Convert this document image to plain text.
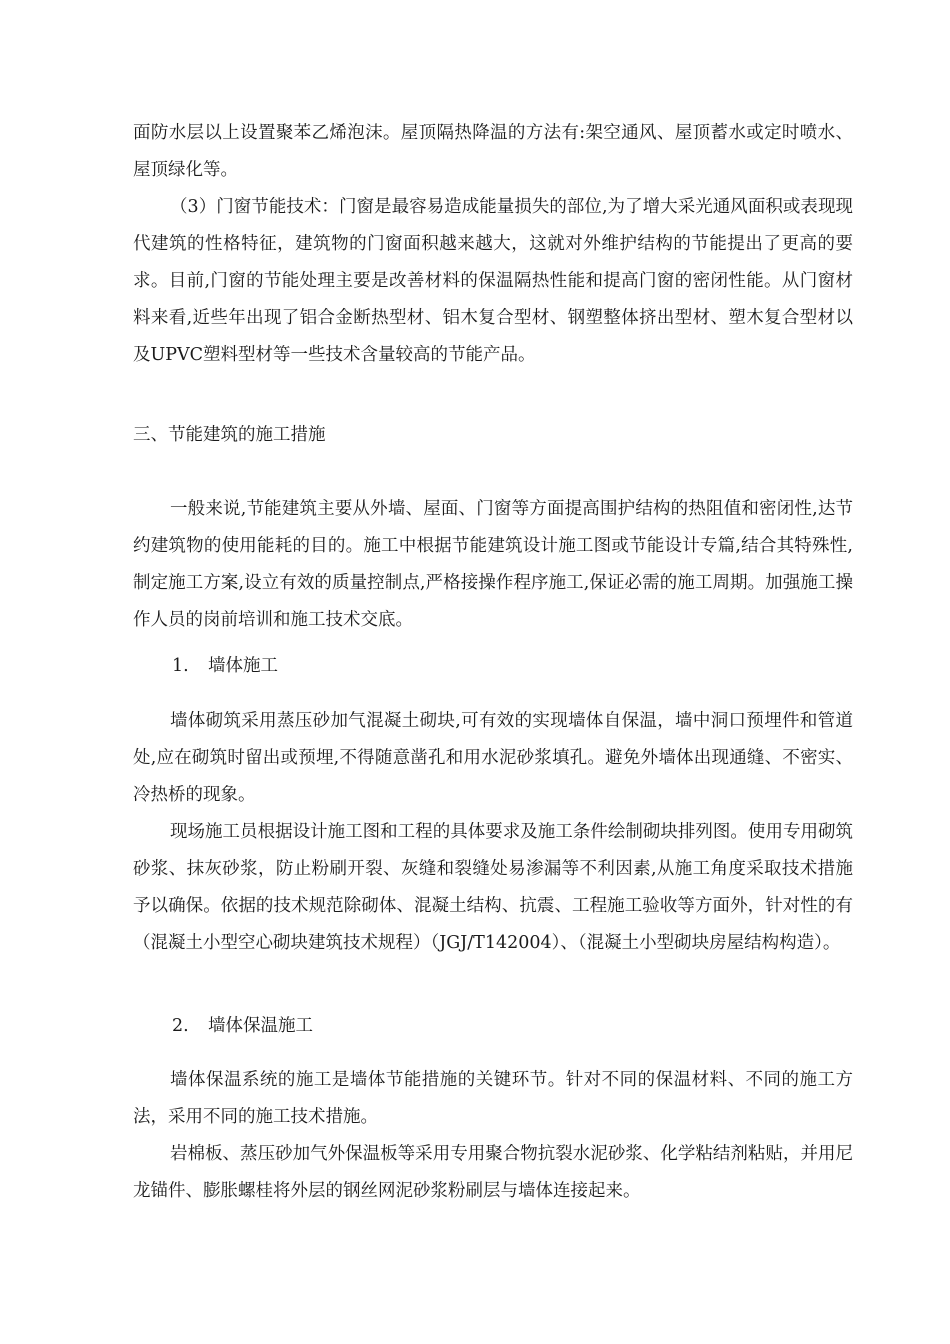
面防水层以上设置聚苯乙烯泡沫。屋顶隔热降温的方法有:架空通风、屋顶蓄水或定时喷水、屋顶绿化等。

（3）门窗节能技术：门窗是最容易造成能量损失的部位,为了增大采光通风面积或表现现代建筑的性格特征，建筑物的门窗面积越来越大，这就对外维护结构的节能提出了更高的要求。目前,门窗的节能处理主要是改善材料的保温隔热性能和提高门窗的密闭性能。从门窗材料来看,近些年出现了铝合金断热型材、铝木复合型材、钢塑整体挤出型材、塑木复合型材以及UPVC塑料型材等一些技术含量较高的节能产品。

三、节能建筑的施工措施

一般来说,节能建筑主要从外墙、屋面、门窗等方面提高围护结构的热阻值和密闭性,达节约建筑物的使用能耗的目的。施工中根据节能建筑设计施工图或节能设计专篇,结合其特殊性,制定施工方案,设立有效的质量控制点,严格接操作程序施工,保证必需的施工周期。加强施工操作人员的岗前培训和施工技术交底。

1. 墙体施工

墙体砌筑采用蒸压砂加气混凝土砌块,可有效的实现墙体自保温，墙中洞口预埋件和管道处,应在砌筑时留出或预埋,不得随意凿孔和用水泥砂浆填孔。避免外墙体出现通缝、不密实、冷热桥的现象。

现场施工员根据设计施工图和工程的具体要求及施工条件绘制砌块排列图。使用专用砌筑砂浆、抹灰砂浆，防止粉刷开裂、灰缝和裂缝处易渗漏等不利因素,从施工角度采取技术措施予以确保。依据的技术规范除砌体、混凝土结构、抗震、工程施工验收等方面外，针对性的有（混凝土小型空心砌块建筑技术规程）（JGJ/T142004）、（混凝土小型砌块房屋结构构造）。

2. 墙体保温施工

墙体保温系统的施工是墙体节能措施的关键环节。针对不同的保温材料、不同的施工方法，采用不同的施工技术措施。

岩棉板、蒸压砂加气外保温板等采用专用聚合物抗裂水泥砂浆、化学粘结剂粘贴，并用尼龙锚件、膨胀螺桂将外层的钢丝网泥砂浆粉刷层与墙体连接起来。
